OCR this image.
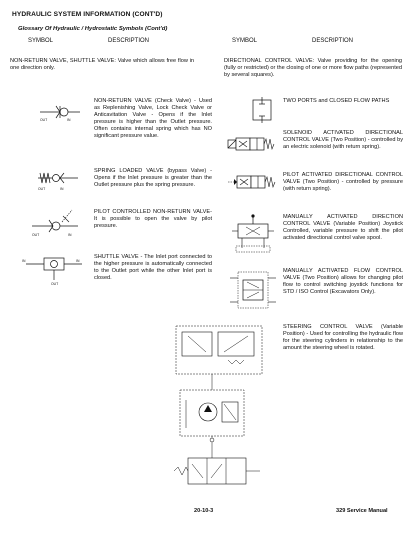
HYDRAULIC SYSTEM INFORMATION (CONT'D)
Glossary Of Hydraulic / Hydrostatic Symbols (Cont'd)
SYMBOL	DESCRIPTION	SYMBOL	DESCRIPTION
NON-RETURN VALVE, SHUTTLE VALVE: Valve which allows free flow in one direction only.
DIRECTIONAL CONTROL VALVE: Valve providing for the opening (fully or restricted) or the closing of one or more flow paths (represented by several squares).
OUT	IN
NON-RETURN VALVE (Check Valve) - Used as Replenishing Valve, Lock Check Valve or Anticavitation Valve - Opens if the Inlet pressure is higher than the Outlet pressure. Often contains internal spring which has NO significant pressure value.
OUT	IN
SPRING LOADED VALVE (bypass Valve) - Opens if the Inlet pressure is greater than the Outlet pressure plus the spring pressure.
OUT	IN
PILOT CONTROLLED NON-RETURN VALVE- It is possible to open the valve by pilot pressure.
IN	IN
OUT
SHUTTLE VALVE - The Inlet port connected to the higher pressure is automatically connected to the Outlet port while the other Inlet port is closed.
TWO PORTS and CLOSED FLOW PATHS
SOLENOID ACTIVATED DIRECTIONAL CONTROL VALVE (Two Position) - controlled by an electric solenoid (with return spring).
PILOT ACTIVATED DIRECTIONAL CONTROL VALVE (Two Position) - controlled by pressure (with return spring).
MANUALLY ACTIVATED DIRECTION CONTROL VALVE (Variable Position) Joystick Controlled, variable pressure to shift the pilot activated directional control valve spool.
MANUALLY ACTIVATED FLOW CONTROL VALVE (Two Position) allows for changing pilot flow to control switching joystick functions for STD / ISO Control (Excavators Only).
STEERING CONTROL VALVE (Variable Position) - Used for controlling the hydraulic flow for the steering cylinders in relationship to the amount the steering wheel is rotated.
20-10-3	329 Service Manual
